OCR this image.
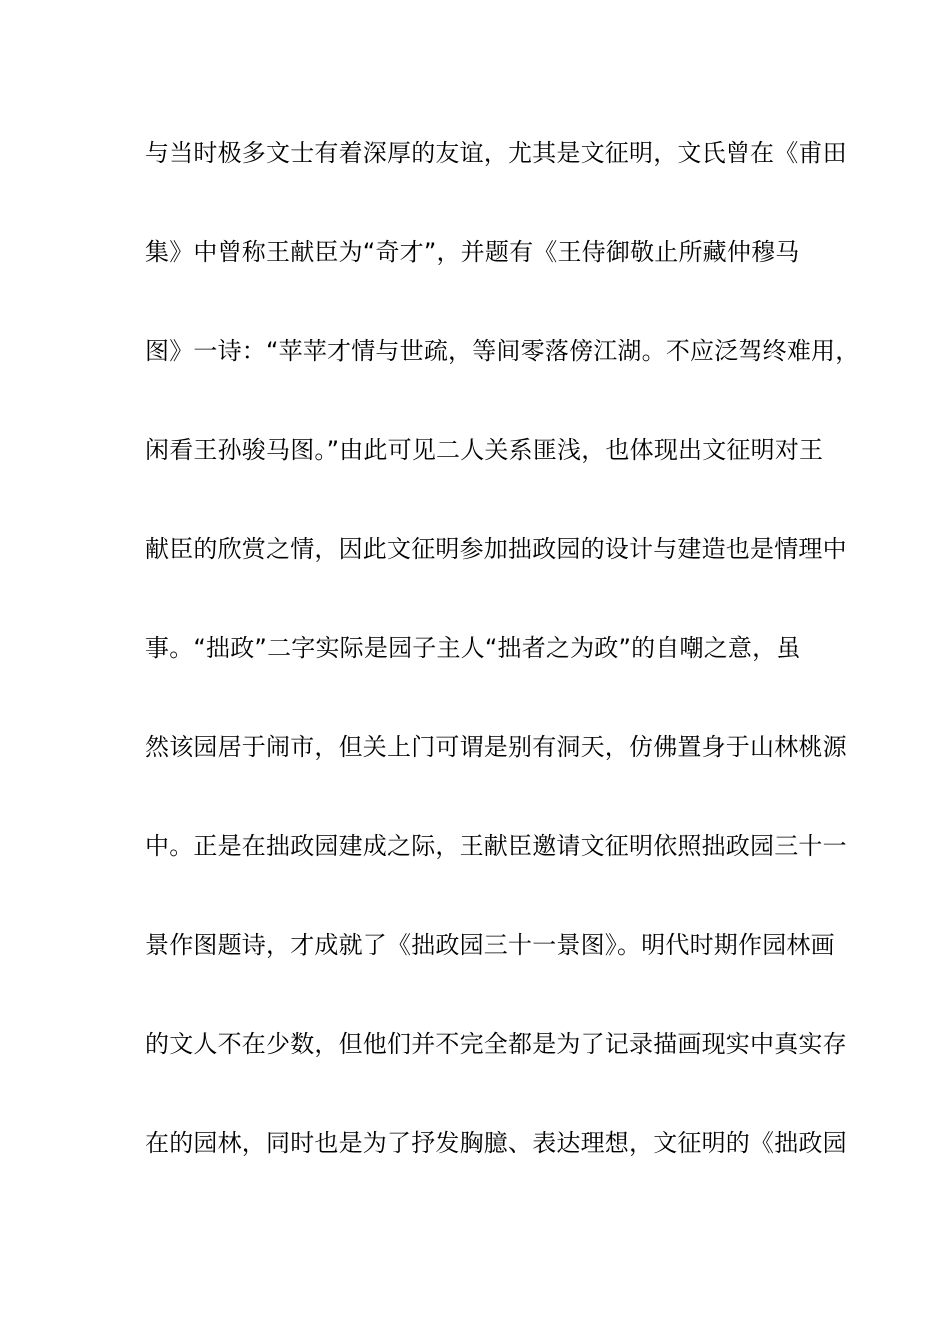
与当时极多文士有着深厚的友谊，尤其是文征明，文氏曾在《甫田
集》中曾称王献臣为“奇才”，并题有《王侍御敬止所藏仲穆马
图》一诗：“苹苹才情与世疏，等间零落傍江湖。不应泛驾终难用，
闲看王孙骏马图。”由此可见二人关系匪浅，也体现出文征明对王
献臣的欣赏之情，因此文征明参加拙政园的设计与建造也是情理中
事。“拙政”二字实际是园子主人“拙者之为政”的自嘲之意，虽
然该园居于闹市，但关上门可谓是别有洞天，仿佛置身于山林桃源
中。正是在拙政园建成之际，王献臣邀请文征明依照拙政园三十一
景作图题诗，才成就了《拙政园三十一景图》。明代时期作园林画
的文人不在少数，但他们并不完全都是为了记录描画现实中真实存
在的园林，同时也是为了抒发胸臆、表达理想，文征明的《拙政园
